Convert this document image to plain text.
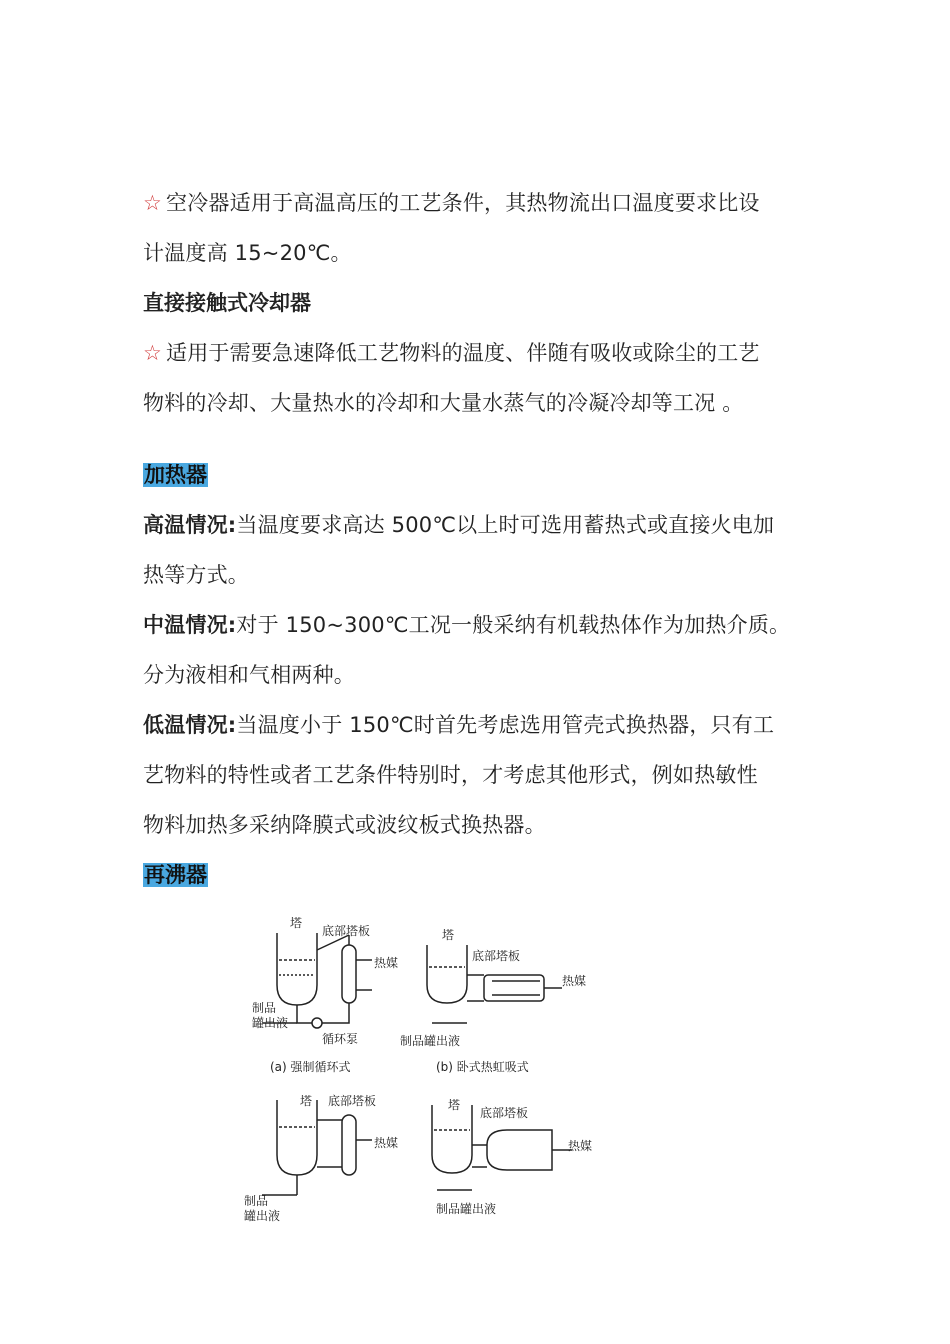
☆ 空冷器适用于高温高压的工艺条件，其热物流出口温度要求比设

计温度高 15~20℃。

直接接触式冷却器

☆ 适用于需要急速降低工艺物料的温度、伴随有吸收或除尘的工艺

物料的冷却、大量热水的冷却和大量水蒸气的冷凝冷却等工况 。

加热器

高温情况:当温度要求高达 500℃以上时可选用蓄热式或直接火电加

热等方式。

中温情况:对于 150~300℃工况一般采纳有机载热体作为加热介质。

分为液相和气相两种。

低温情况:当温度小于 150℃时首先考虑选用管壳式换热器，只有工

艺物料的特性或者工艺条件特别时，才考虑其他形式，例如热敏性

物料加热多采纳降膜式或波纹板式换热器。

再沸器

塔
底部塔板
热媒
制品
罐出液
循环泵
(a) 强制循环式
塔
底部塔板
热媒
制品罐出液
(b) 卧式热虹吸式
塔 底部塔板
热媒
制品
罐出液
塔
底部塔板
热媒
制品罐出液
